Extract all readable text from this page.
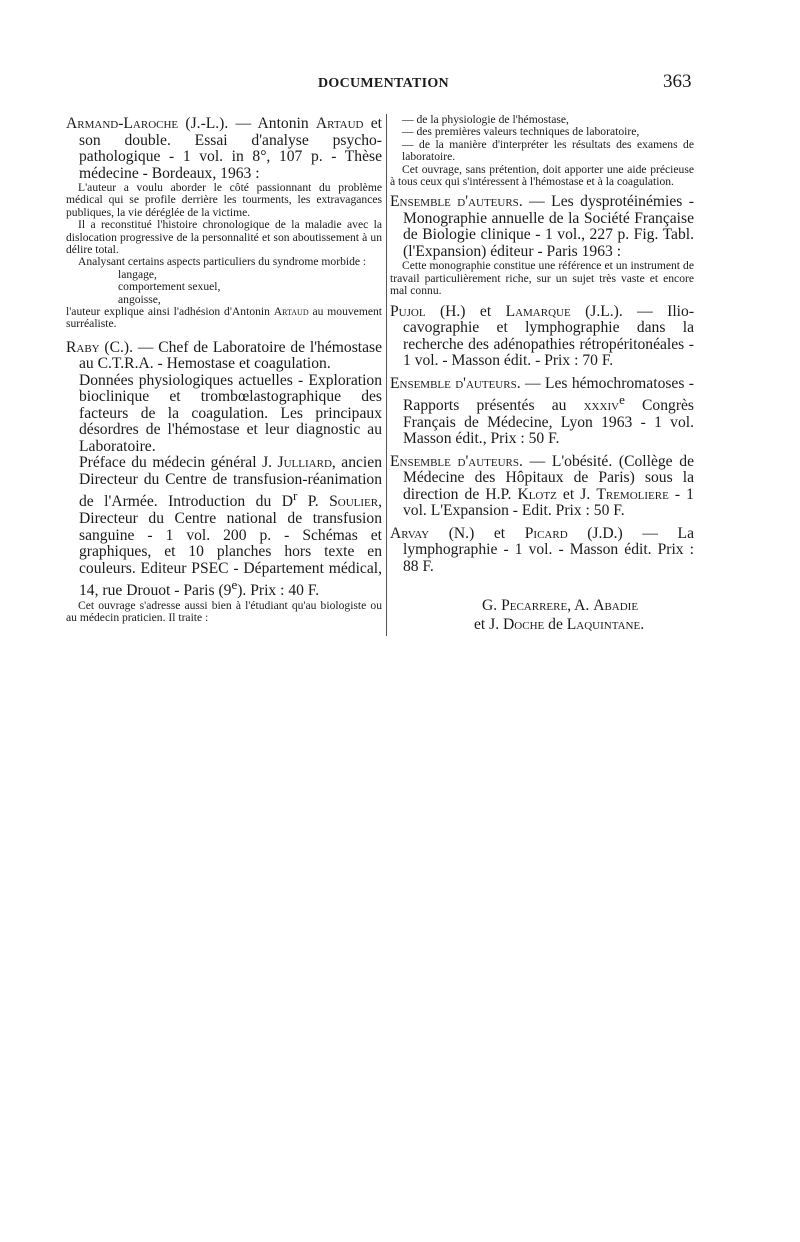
DOCUMENTATION	363
Armand-Laroche (J.-L.). — Antonin Artaud et son double. Essai d'analyse psycho-pathologique - 1 vol. in 8°, 107 p. - Thèse médecine - Bordeaux, 1963 :

L'auteur a voulu aborder le côté passionnant du problème médical qui se profile derrière les tourments, les extravagances publiques, la vie déréglée de la victime.

Il a reconstitué l'histoire chronologique de la maladie avec la dislocation progressive de la personnalité et son aboutissement à un délire total.

Analysant certains aspects particuliers du syndrome morbide :

langage,

comportement sexuel,

angoisse,

l'auteur explique ainsi l'adhésion d'Antonin Artaud au mouvement surréaliste.

Raby (C.). — Chef de Laboratoire de l'hémostase au C.T.R.A. - Hemostase et coagulation.

Données physiologiques actuelles - Exploration bioclinique et trombœlastographique des facteurs de la coagulation. Les principaux désordres de l'hémostase et leur diagnostic au Laboratoire.

Préface du médecin général J. Julliard, ancien Directeur du Centre de transfusion-réanimation de l'Armée. Introduction du $D^r$ P. Soulier, Directeur du Centre national de transfusion sanguine - 1 vol. 200 p. - Schémas et graphiques, et 10 planches hors texte en couleurs. Editeur PSEC - Département médical, 14, rue Drouot - Paris (9e). Prix : 40 F.

Cet ouvrage s'adresse aussi bien à l'étudiant qu'au biologiste ou au médecin praticien. Il traite :

— de la physiologie de l'hémostase,

— des premières valeurs techniques de laboratoire,

— de la manière d'interpréter les résultats des examens de laboratoire.

Cet ouvrage, sans prétention, doit apporter une aide précieuse à tous ceux qui s'intéressent à l'hémostase et à la coagulation.

Ensemble d'auteurs. — Les dysprotéinémies - Monographie annuelle de la Société Française de Biologie clinique - 1 vol., 227 p. Fig. Tabl. (l'Expansion) éditeur - Paris 1963 :

Cette monographie constitue une référence et un instrument de travail particulièrement riche, sur un sujet très vaste et encore mal connu.

Pujol (H.) et Lamarque (J.L.). — Ilio-cavographie et lymphographie dans la recherche des adénopathies rétropéritonéales - 1 vol. - Masson édit. - Prix : 70 F.
Ensemble d'auteurs. — Les hémochromatoses - Rapports présentés au xxxiv$^e$ Congrès Français de Médecine, Lyon 1963 - 1 vol. Masson édit., Prix : 50 F.
Ensemble d'auteurs. — L'obésité. (Collège de Médecine des Hôpitaux de Paris) sous la direction de H.P. Klotz et J. Tremoliere - 1 vol. L'Expansion - Edit. Prix : 50 F.
Arvay (N.) et Picard (J.D.) — La lymphographie - 1 vol. - Masson édit. Prix : 88 F.
G. Pecarrere, A. Abadie
et J. Doche de Laquintane.
